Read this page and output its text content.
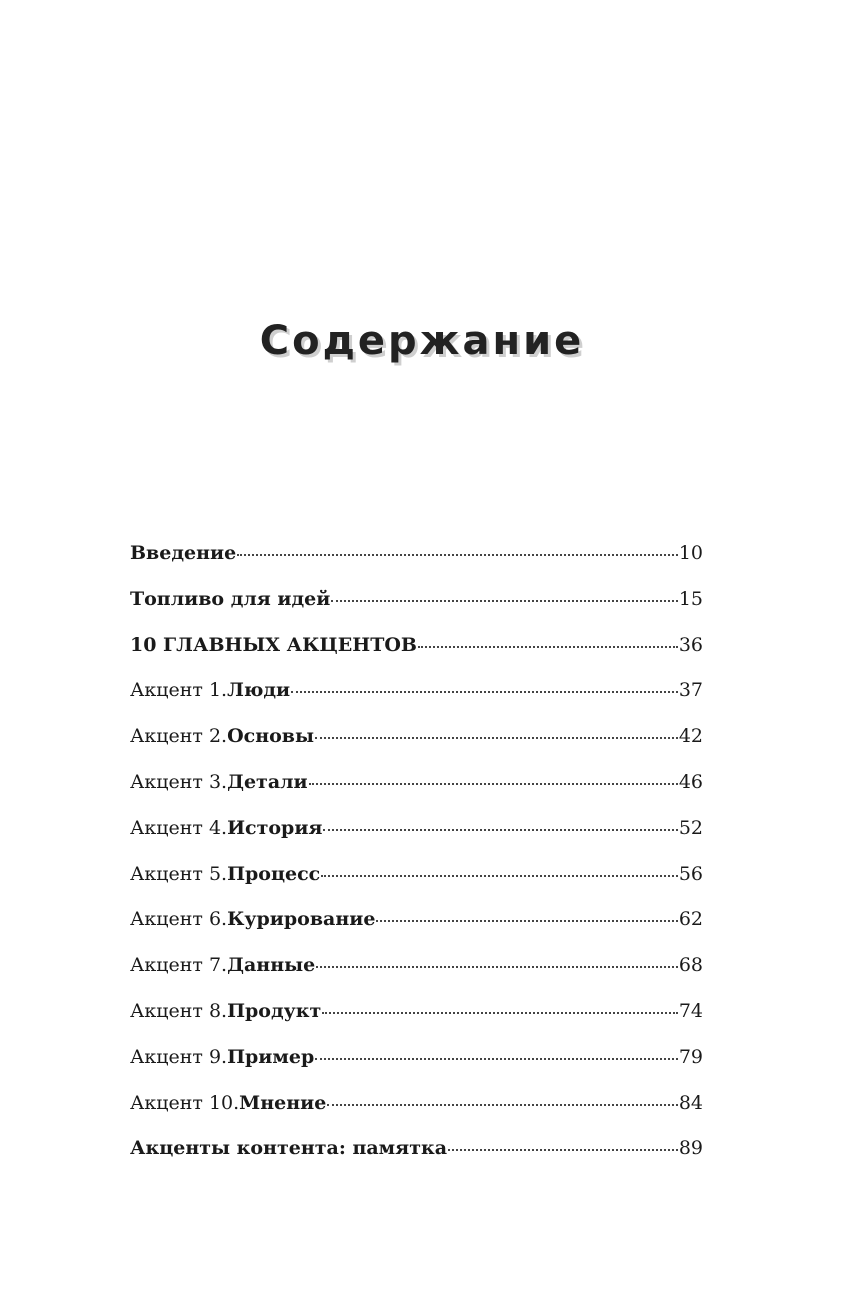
Содержание
Введение	10
Топливо для идей	15
10 ГЛАВНЫХ АКЦЕНТОВ	36
Акцент 1. Люди	37
Акцент 2. Основы	42
Акцент 3. Детали	46
Акцент 4. История	52
Акцент 5. Процесс	56
Акцент 6. Курирование	62
Акцент 7. Данные	68
Акцент 8. Продукт	74
Акцент 9. Пример	79
Акцент 10. Мнение	84
Акценты контента: памятка	89
